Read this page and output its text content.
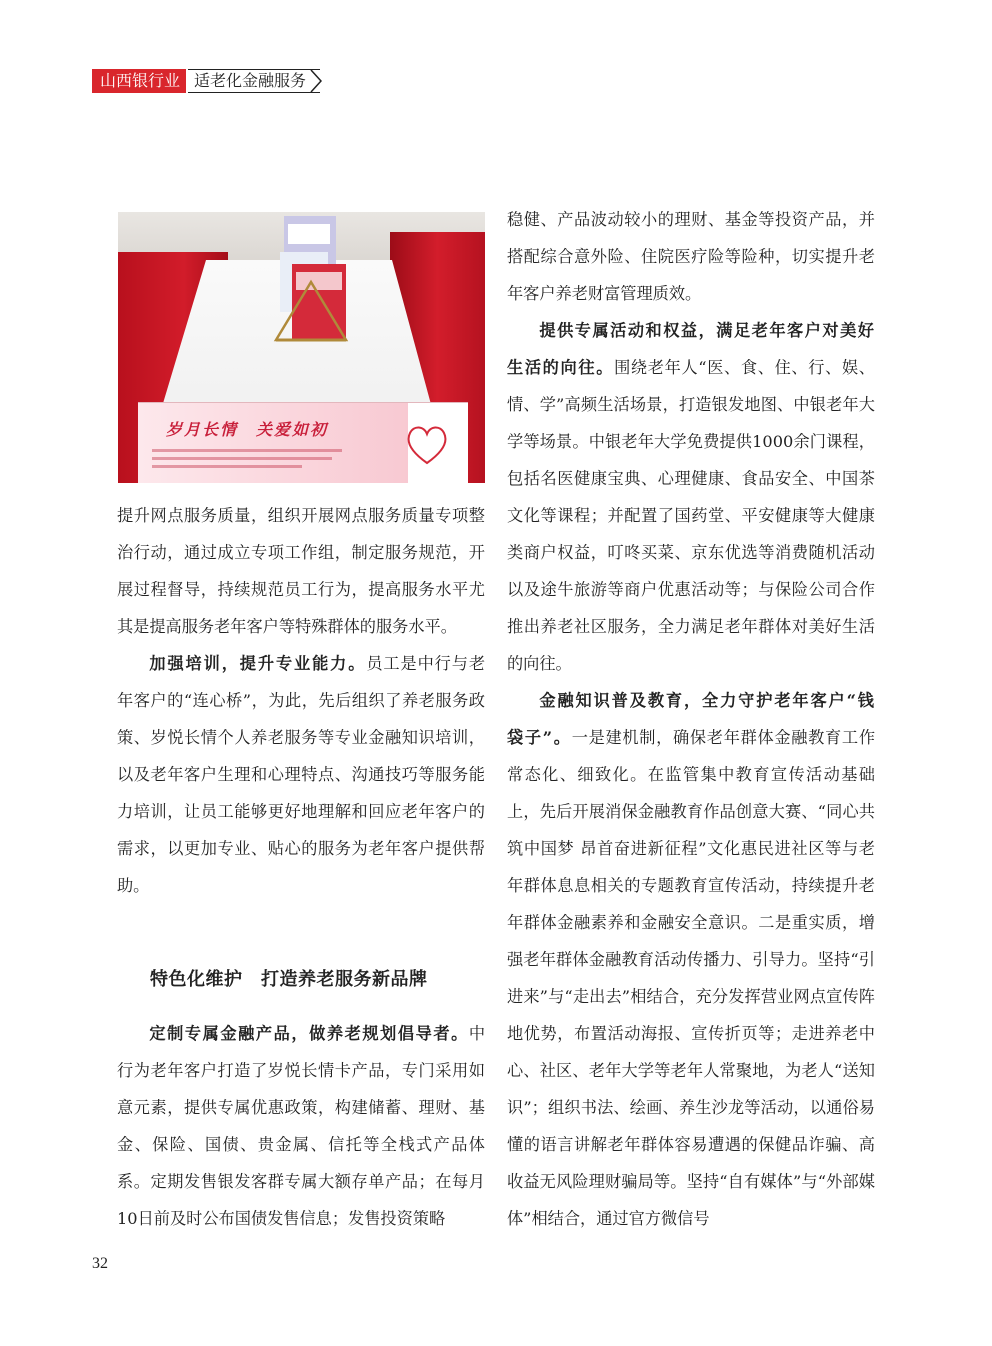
山西银行业 适老化金融服务
岁月长情　关爱如初

提升网点服务质量，组织开展网点服务质量专项整治行动，通过成立专项工作组，制定服务规范，开展过程督导，持续规范员工行为，提高服务水平尤其是提高服务老年客户等特殊群体的服务水平。

加强培训，提升专业能力。员工是中行与老年客户的“连心桥”，为此，先后组织了养老服务政策、岁悦长情个人养老服务等专业金融知识培训，以及老年客户生理和心理特点、沟通技巧等服务能力培训，让员工能够更好地理解和回应老年客户的需求，以更加专业、贴心的服务为老年客户提供帮助。

特色化维护　打造养老服务新品牌

定制专属金融产品，做养老规划倡导者。中行为老年客户打造了岁悦长情卡产品，专门采用如意元素，提供专属优惠政策，构建储蓄、理财、基金、保险、国债、贵金属、信托等全栈式产品体系。定期发售银发客群专属大额存单产品；在每月10日前及时公布国债发售信息；发售投资策略

稳健、产品波动较小的理财、基金等投资产品，并搭配综合意外险、住院医疗险等险种，切实提升老年客户养老财富管理质效。

提供专属活动和权益，满足老年客户对美好生活的向往。围绕老年人“医、食、住、行、娱、情、学”高频生活场景，打造银发地图、中银老年大学等场景。中银老年大学免费提供1000余门课程，包括名医健康宝典、心理健康、食品安全、中国茶文化等课程；并配置了国药堂、平安健康等大健康类商户权益，叮咚买菜、京东优选等消费随机活动以及途牛旅游等商户优惠活动等；与保险公司合作推出养老社区服务，全力满足老年群体对美好生活的向往。

金融知识普及教育，全力守护老年客户“钱袋子”。一是建机制，确保老年群体金融教育工作常态化、细致化。在监管集中教育宣传活动基础上，先后开展消保金融教育作品创意大赛、“同心共筑中国梦 昂首奋进新征程”文化惠民进社区等与老年群体息息相关的专题教育宣传活动，持续提升老年群体金融素养和金融安全意识。二是重实质，增强老年群体金融教育活动传播力、引导力。坚持“引进来”与“走出去”相结合，充分发挥营业网点宣传阵地优势，布置活动海报、宣传折页等；走进养老中心、社区、老年大学等老年人常聚地，为老人“送知识”；组织书法、绘画、养生沙龙等活动，以通俗易懂的语言讲解老年群体容易遭遇的保健品诈骗、高收益无风险理财骗局等。坚持“自有媒体”与“外部媒体”相结合，通过官方微信号

32
